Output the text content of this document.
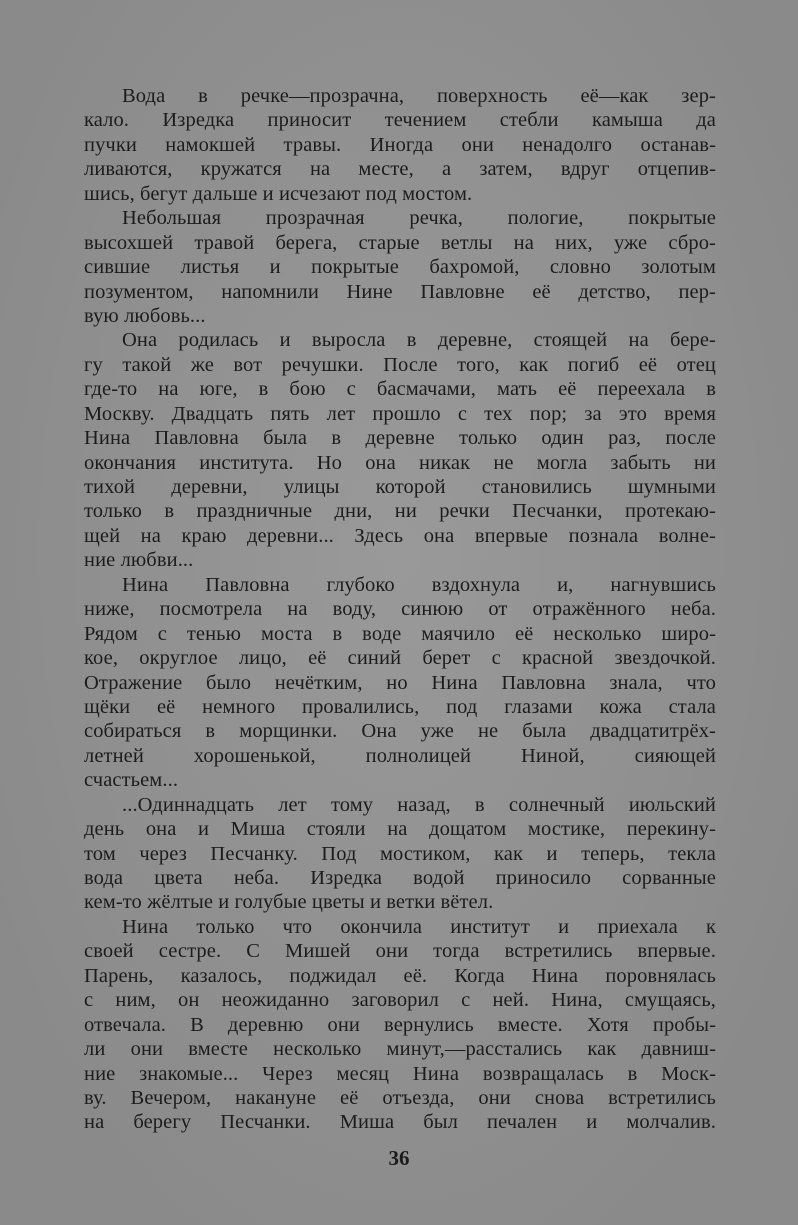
Вода в речке—прозрачна, поверхность её—как зер-
кало. Изредка приносит течением стебли камыша да
пучки намокшей травы. Иногда они ненадолго останав-
ливаются, кружатся на месте, а затем, вдруг отцепив-
шись, бегут дальше и исчезают под мостом.
Небольшая прозрачная речка, пологие, покрытые
высохшей травой берега, старые ветлы на них, уже сбро-
сившие листья и покрытые бахромой, словно золотым
позументом, напомнили Нине Павловне её детство, пер-
вую любовь...
Она родилась и выросла в деревне, стоящей на бере-
гу такой же вот речушки. После того, как погиб её отец
где-то на юге, в бою с басмачами, мать её переехала в
Москву. Двадцать пять лет прошло с тех пор; за это время
Нина Павловна была в деревне только один раз, после
окончания института. Но она никак не могла забыть ни
тихой деревни, улицы которой становились шумными
только в праздничные дни, ни речки Песчанки, протекаю-
щей на краю деревни... Здесь она впервые познала волне-
ние любви...
Нина Павловна глубоко вздохнула и, нагнувшись
ниже, посмотрела на воду, синюю от отражённого неба.
Рядом с тенью моста в воде маячило её несколько широ-
кое, округлое лицо, её синий берет с красной звездочкой.
Отражение было нечётким, но Нина Павловна знала, что
щёки её немного провалились, под глазами кожа стала
собираться в морщинки. Она уже не была двадцатитрёх-
летней хорошенькой, полнолицей Ниной, сияющей
счастьем...
...Одиннадцать лет тому назад, в солнечный июльский
день она и Миша стояли на дощатом мостике, перекину-
том через Песчанку. Под мостиком, как и теперь, текла
вода цвета неба. Изредка водой приносило сорванные
кем-то жёлтые и голубые цветы и ветки вётел.
Нина только что окончила институт и приехала к
своей сестре. С Мишей они тогда встретились впервые.
Парень, казалось, поджидал её. Когда Нина поровнялась
с ним, он неожиданно заговорил с ней. Нина, смущаясь,
отвечала. В деревню они вернулись вместе. Хотя пробы-
ли они вместе несколько минут,—расстались как давниш-
ние знакомые... Через месяц Нина возвращалась в Моск-
ву. Вечером, накануне её отъезда, они снова встретились
на берегу Песчанки. Миша был печален и молчалив.
36
